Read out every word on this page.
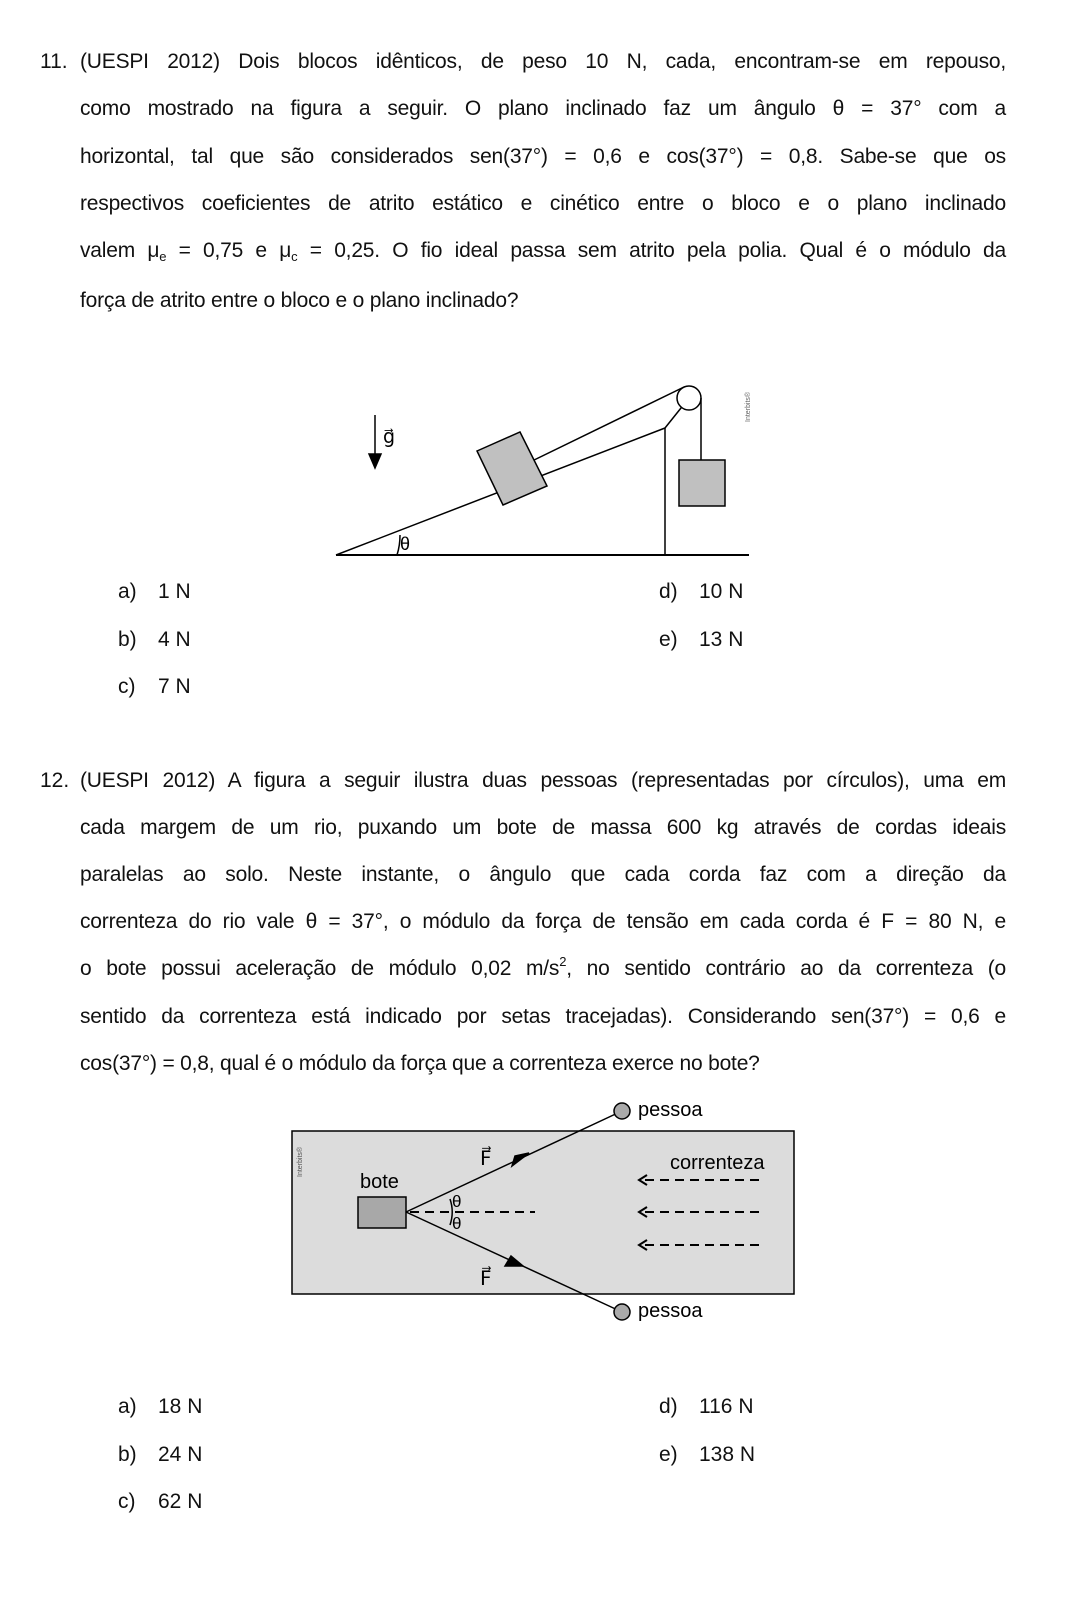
11. (UESPI 2012) Dois blocos idênticos, de peso 10 N, cada, encontram-se em repouso,
como mostrado na figura a seguir. O plano inclinado faz um ângulo θ = 37° com a
horizontal, tal que são considerados sen(37°) = 0,6 e cos(37°) = 0,8. Sabe-se que os
respectivos coeficientes de atrito estático e cinético entre o bloco e o plano inclinado
valem $\mu_e = 0,75$ e $\mu_c = 0,25$. O fio ideal passa sem atrito pela polia. Qual é o módulo da
força de atrito entre o bloco e o plano inclinado?
g⃗
θ
Interbits®
pessoa
pessoa
bote
correnteza
F⃗
F⃗
θ
θ
Interbits®
a) 1 N
b) 4 N
c) 7 N
d) 10 N
e) 13 N
12. (UESPI 2012) A figura a seguir ilustra duas pessoas (representadas por círculos), uma em
cada margem de um rio, puxando um bote de massa 600 kg através de cordas ideais
paralelas ao solo. Neste instante, o ângulo que cada corda faz com a direção da
correnteza do rio vale θ = 37°, o módulo da força de tensão em cada corda é F = 80 N, e
o bote possui aceleração de módulo 0,02 $m/s^2$, no sentido contrário ao da correnteza (o
sentido da correnteza está indicado por setas tracejadas). Considerando sen(37°) = 0,6 e
cos(37°) = 0,8, qual é o módulo da força que a correnteza exerce no bote?
a) 18 N
b) 24 N
c) 62 N
d) 116 N
e) 138 N
